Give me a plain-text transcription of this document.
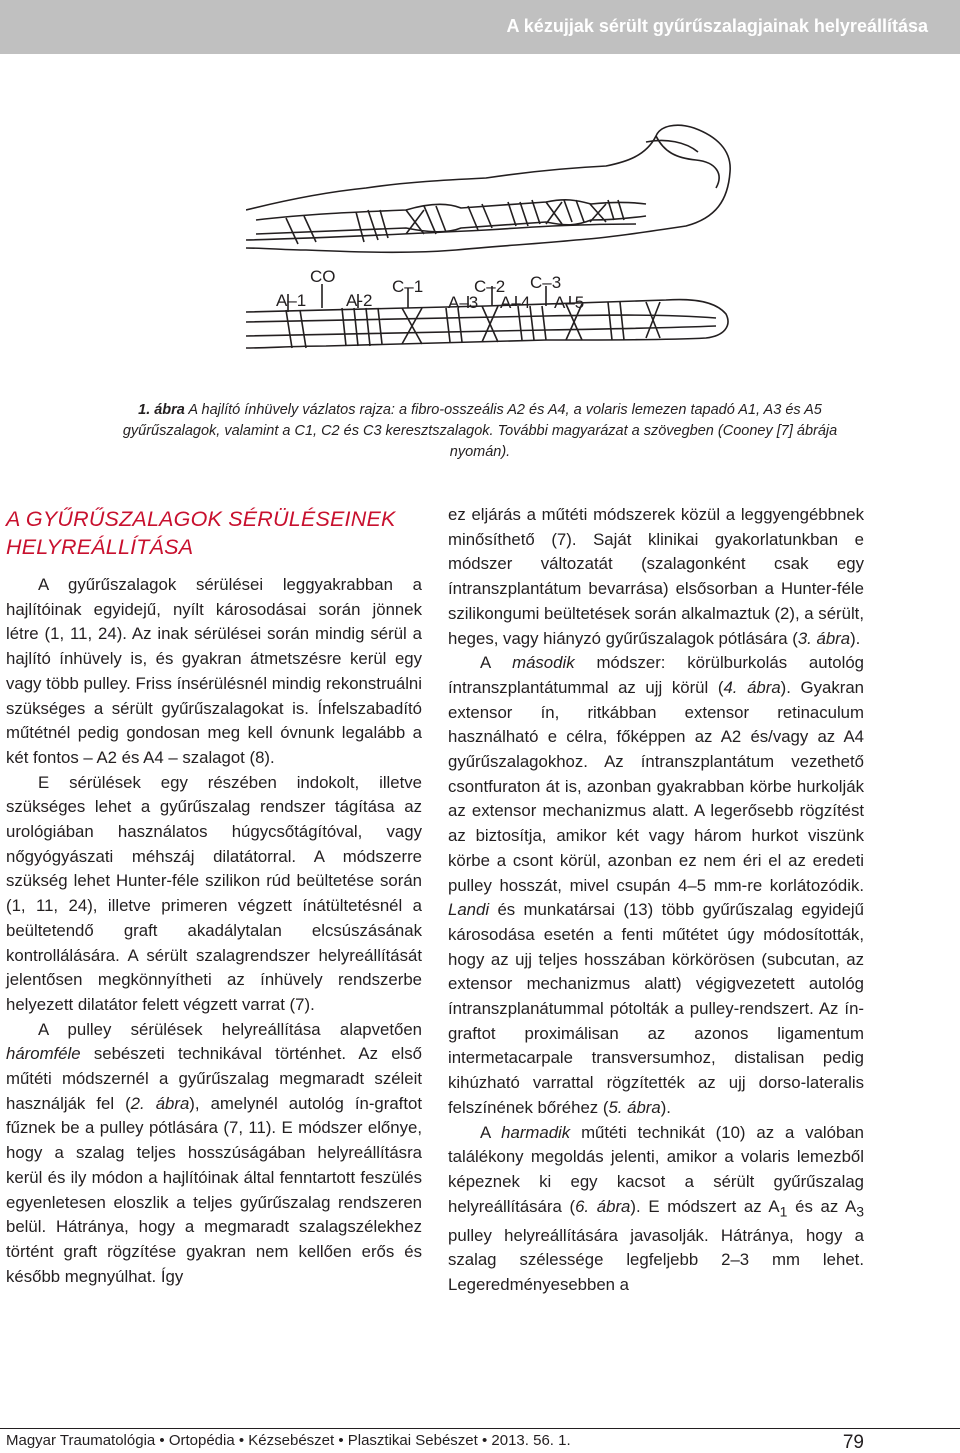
A kézujjak sérült gyűrűszalagjainak helyreállítása
CO
A–1 A-2
C–1	C–2 C–3
A–3 A–4 A–5
1. ábra A hajlító ínhüvely vázlatos rajza: a fibro-osszeális A2 és A4, a volaris lemezen tapadó A1, A3 és A5 gyűrűszalagok, valamint a C1, C2 és C3 keresztszalagok. További magyarázat a szövegben (Cooney [7] ábrája nyomán).
A GYŰRŰSZALAGOK SÉRÜLÉSEINEK
HELYREÁLLÍTÁSA

A gyűrűszalagok sérülései leggyakrabban a hajlítóinak egyidejű, nyílt károsodásai során jönnek létre (1, 11, 24). Az inak sérülései során mindig sérül a hajlító ínhüvely is, és gyakran átmetszésre kerül egy vagy több pulley. Friss ínsérülésnél mindig rekonstruálni szükséges a sérült gyűrűszalagokat is. Ínfelszabadító műtétnél pedig gondosan meg kell óvnunk legalább a két fontos – A2 és A4 – szalagot (8).

E sérülések egy részében indokolt, illetve szükséges lehet a gyűrűszalag rendszer tágítása az urológiában használatos húgycsőtágítóval, vagy nőgyógyászati méhszáj dilatátorral. A módszerre szükség lehet Hunter-féle szilikon rúd beültetése során (1, 11, 24), illetve primeren végzett ínátültetésnél a beültetendő graft akadálytalan elcsúszásának kontrollálására. A sérült szalagrendszer helyreállítását jelentősen megkönnyítheti az ínhüvely rendszerbe helyezett dilatátor felett végzett varrat (7).

A pulley sérülések helyreállítása alapvetően háromféle sebészeti technikával történhet. Az első műtéti módszernél a gyűrűszalag megmaradt széleit használják fel (2. ábra), amelynél autológ ín-graftot fűznek be a pulley pótlására (7, 11). E módszer előnye, hogy a szalag teljes hosszúságában helyreállításra kerül és ily módon a hajlítóinak által fenntartott feszülés egyenletesen eloszlik a teljes gyűrűszalag rendszeren belül. Hátránya, hogy a megmaradt szalagszélekhez történt graft rögzítése gyakran nem kellően erős és később megnyúlhat. Így

ez eljárás a műtéti módszerek közül a leggyengébbnek minősíthető (7). Saját klinikai gyakorlatunkban e módszer változatát (szalagonként csak egy íntranszplantátum bevarrása) elsősorban a Hunter-féle szilikongumi beültetések során alkalmaztuk (2), a sérült, heges, vagy hiányzó gyűrűszalagok pótlására (3. ábra).

A második módszer: körülburkolás autológ íntranszplantátummal az ujj körül (4. ábra). Gyakran extensor ín, ritkábban extensor retinaculum használható e célra, főképpen az A2 és/vagy az A4 gyűrűszalagokhoz. Az íntranszplantátum vezethető csontfuraton át is, azonban gyakrabban körbe hurkolják az extensor mechanizmus alatt. A legerősebb rögzítést az biztosítja, amikor két vagy három hurkot viszünk körbe a csont körül, azonban ez nem éri el az eredeti pulley hosszát, mivel csupán 4–5 mm-re korlátozódik. Landi és munkatársai (13) több gyűrűszalag egyidejű károsodása esetén a fenti műtétet úgy módosították, hogy az ujj teljes hosszában körkörösen (subcutan, az extensor mechanizmus alatt) végigvezetett autológ íntranszplanátummal pótolták a pulley-rendszert. Az ín-graftot proximálisan az azonos ligamentum intermetacarpale transversumhoz, distalisan pedig kihúzható varrattal rögzítették az ujj dorso-lateralis felszínének bőréhez (5. ábra).

A harmadik műtéti technikát (10) az a valóban találékony megoldás jelenti, amikor a volaris lemezből képeznek ki egy kacsot a sérült gyűrűszalag helyreállítására (6. ábra). E módszert az $A_1$ és az $A_3$ pulley helyreállítására javasolják. Hátránya, hogy a szalag szélessége legfeljebb 2–3 mm lehet. Legeredményesebben a

Magyar Traumatológia • Ortopédia • Kézsebészet • Plasztikai Sebészet • 2013. 56. 1.	79
